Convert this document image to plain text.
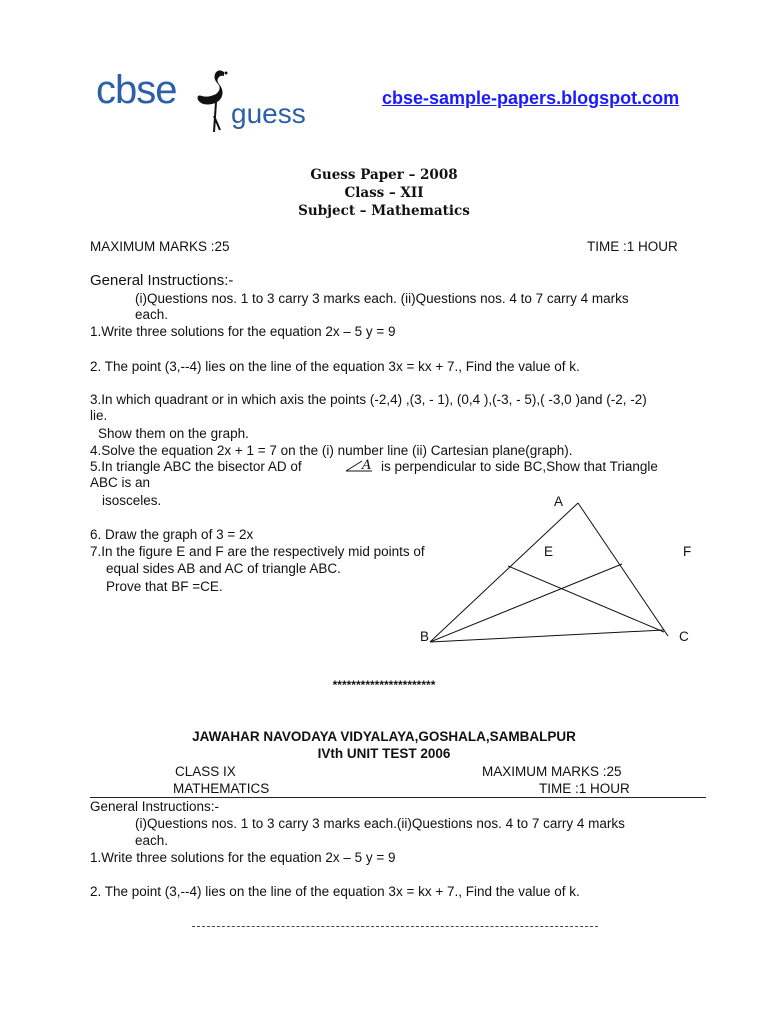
cbse
guess	cbse-sample-papers.blogspot.com
Guess Paper – 2008
Class – XII
Subject – Mathematics
MAXIMUM MARKS :25	TIME :1 HOUR
General Instructions:-
(i)Questions nos. 1 to 3 carry 3 marks each. (ii)Questions nos. 4 to 7 carry 4 marks
each.
1.Write three solutions for the equation 2x – 5 y = 9
2. The point (3,--4) lies on the line of the equation 3x = kx + 7., Find the value of k.
3.In which quadrant or in which axis the points (-2,4) ,(3, - 1), (0,4 ),(-3, - 5),( -3,0 )and (-2, -2)
lie.
Show them on the graph.
4.Solve the equation 2x + 1 = 7 on the (i) number line (ii) Cartesian plane(graph).
5.In triangle ABC the bisector AD of	A is perpendicular to side BC,Show that Triangle
ABC is an
isosceles.
6. Draw the graph of 3 = 2x
7.In the figure E and F are the respectively mid points of
equal sides AB and AC of triangle ABC.
Prove that BF =CE.
A
B	C
E	F
**********************
JAWAHAR NAVODAYA VIDYALAYA,GOSHALA,SAMBALPUR
IVth UNIT TEST 2006
CLASS IX	MAXIMUM MARKS :25
MATHEMATICS	TIME :1 HOUR
General Instructions:-
(i)Questions nos. 1 to 3 carry 3 marks each.(ii)Questions nos. 4 to 7 carry 4 marks
each.
1.Write three solutions for the equation 2x – 5 y = 9
2. The point (3,--4) lies on the line of the equation 3x = kx + 7., Find the value of k.
